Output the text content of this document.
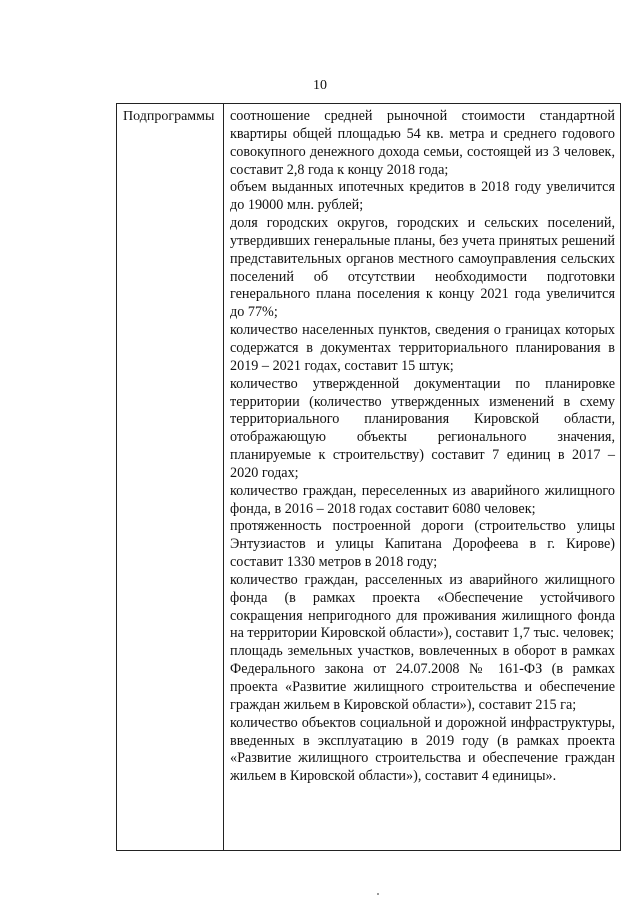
10
Подпрограммы	соотношение средней рыночной стоимости стандартной квартиры общей площадью 54 кв. метра и среднего годового совокупного денежного дохода семьи, состоящей из 3 человек, составит 2,8 года к концу 2018 года;

объем выданных ипотечных кредитов в 2018 году увеличится до 19000 млн. рублей;

доля городских округов, городских и сельских поселений, утвердивших генеральные планы, без учета принятых решений представительных органов местного самоуправления сельских поселений об отсутствии необходимости подготовки генерального плана поселения к концу 2021 года увеличится до 77%;

количество населенных пунктов, сведения о границах которых содержатся в документах территориального планирования в 2019 – 2021 годах, составит 15 штук;

количество утвержденной документации по планировке территории (количество утвержденных изменений в схему территориального планирования Кировской области, отображающую объекты регионального значения, планируемые к строительству) составит 7 единиц в 2017 – 2020 годах;

количество граждан, переселенных из аварийного жилищного фонда, в 2016 – 2018 годах составит 6080 человек;

протяженность построенной дороги (строительство улицы Энтузиастов и улицы Капитана Дорофеева в г. Кирове) составит 1330 метров в 2018 году;

количество граждан, расселенных из аварийного жилищного фонда (в рамках проекта «Обеспечение устойчивого сокращения непригодного для проживания жилищного фонда на территории Кировской области»), составит 1,7 тыс. человек;

площадь земельных участков, вовлеченных в оборот в рамках Федерального закона от 24.07.2008 № 161-ФЗ (в рамках проекта «Развитие жилищного строительства и обеспечение граждан жильем в Кировской области»), составит 215 га;

количество объектов социальной и дорожной инфраструктуры, введенных в эксплуатацию в 2019 году (в рамках проекта «Развитие жилищного строительства и обеспечение граждан жильем в Кировской области»), составит 4 единицы».
